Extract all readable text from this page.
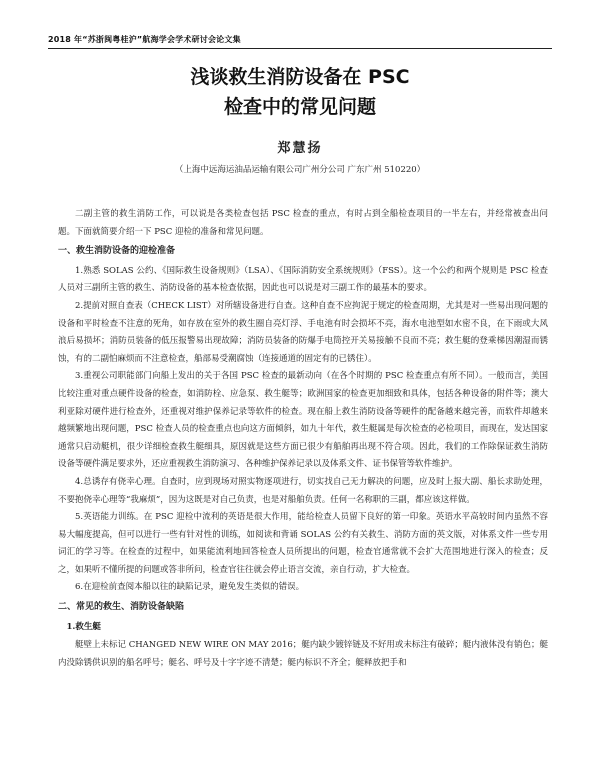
2018 年“苏浙闽粤桂沪”航海学会学术研讨会论文集
浅谈救生消防设备在 PSC
检查中的常见问题
郑慧扬
（上海中远海运油品运输有限公司广州分公司 广东广州 510220）

二副主管的救生消防工作，可以说是各类检查包括 PSC 检查的重点，有时占到全船检查项目的一半左右，并经常被查出问题。下面就简要介绍一下 PSC 迎检的准备和常见问题。

一、救生消防设备的迎检准备

1.熟悉 SOLAS 公约、《国际救生设备规则》（LSA）、《国际消防安全系统规则》（FSS）。这一个公约和两个规则是 PSC 检查人员对三副所主管的救生、消防设备的基本检查依据，因此也可以说是对三副工作的最基本的要求。

2.提前对照自查表（CHECK LIST）对所辖设备进行自查。这种自查不应拘泥于规定的检查周期，尤其是对一些易出现问题的设备和平时检查不注意的死角，如存放在室外的救生圈自亮灯浮、手电池有时会损坏不亮，海水电池型如水密不良，在下雨或大风浪后易损坏；消防员装备的低压报警易出现故障；消防员装备的防爆手电筒控开关易接触不良而不亮；救生艇的登乘梯因潮湿而锈蚀，有的二副怕麻烦而不注意检查，船部易受潮腐蚀（连接通道的固定有的已锈住）。

3.重视公司职能部门向船上发出的关于各国 PSC 检查的最新动向（在各个时期的 PSC 检查重点有所不同）。一般而言，美国比较注重对重点硬件设备的检查，如消防栓、应急泵、救生艇等；欧洲国家的检查更加细致和具体，包括各种设备的附件等；澳大利亚除对硬件进行检查外，还重视对维护保养记录等软件的检查。现在船上救生消防设备等硬件的配备越来越完善，而软件却越来越频繁地出现问题，PSC 检查人员的检查重点也向这方面倾斜，如九十年代，救生艇属是每次检查的必检项目，而现在，发达国家通常只启动艇机，很少详细检查救生艇细具，原因就是这些方面已很少有船舶再出现不符合项。因此，我们的工作除保证救生消防设备等硬件满足要求外，还应重视救生消防演习、各种维护保养记录以及体系文件、证书保管等软件维护。

4.总诱存有侥幸心理。自查时，应到现场对照实物逐项进行，切实找自己无力解决的问题，应及时上报大副、船长求助处理，不要抱侥幸心理等“我麻烦”，因为这既是对自己负责，也是对船舶负责。任何一名称职的三副，都应该这样做。

5.英语能力训练。在 PSC 迎检中流利的英语是很大作用，能给检查人员留下良好的第一印象。英语水平高较时间内虽然不容易大幅度提高，但可以进行一些有针对性的训练，如阅读和背诵 SOLAS 公约有关救生、消防方面的英文版，对体系文件一些专用词汇的学习等。在检查的过程中，如果能流利地回答检查人员所提出的问题，检查官通常就不会扩大范围地进行深入的检查；反之，如果听不懂所提的问题或答非所问，检查官往往就会停止语言交流，亲自行动，扩大检查。

6.在迎检前查阅本船以往的缺陷记录，避免发生类似的错误。

二、常见的救生、消防设备缺陷
1.救生艇

艇壁上未标记 CHANGED NEW WIRE ON MAY 2016；艇内缺少镀锌链及不好用或未标注有破碎；艇内液体没有销色；艇内没除锈供识别的船名呼号；艇名、呼号及十字字迹不清楚；艇内标识不齐全；艇释放把手和
